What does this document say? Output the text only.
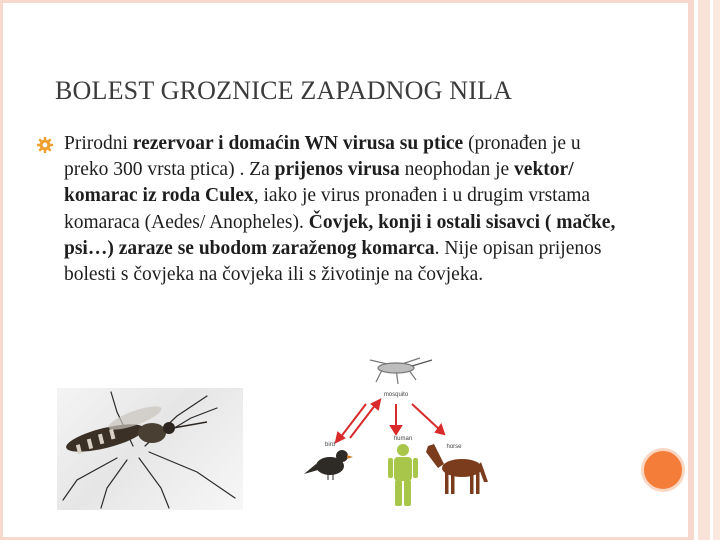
BOLEST GROZNICE ZAPADNOG NILA
Prirodni rezervoar i domaćin WN virusa su ptice (pronađen je u preko 300 vrsta ptica) . Za prijenos virusa neophodan je vektor/ komarac iz roda Culex, iako je virus pronađen i u drugim vrstama komaraca (Aedes/ Anopheles). Čovjek, konji i ostali sisavci ( mačke, psi…) zaraze se ubodom zaraženog komarca. Nije opisan prijenos bolesti s čovjeka na čovjeka ili s životinje na čovjeka.
mosquito
bird
human
horse
